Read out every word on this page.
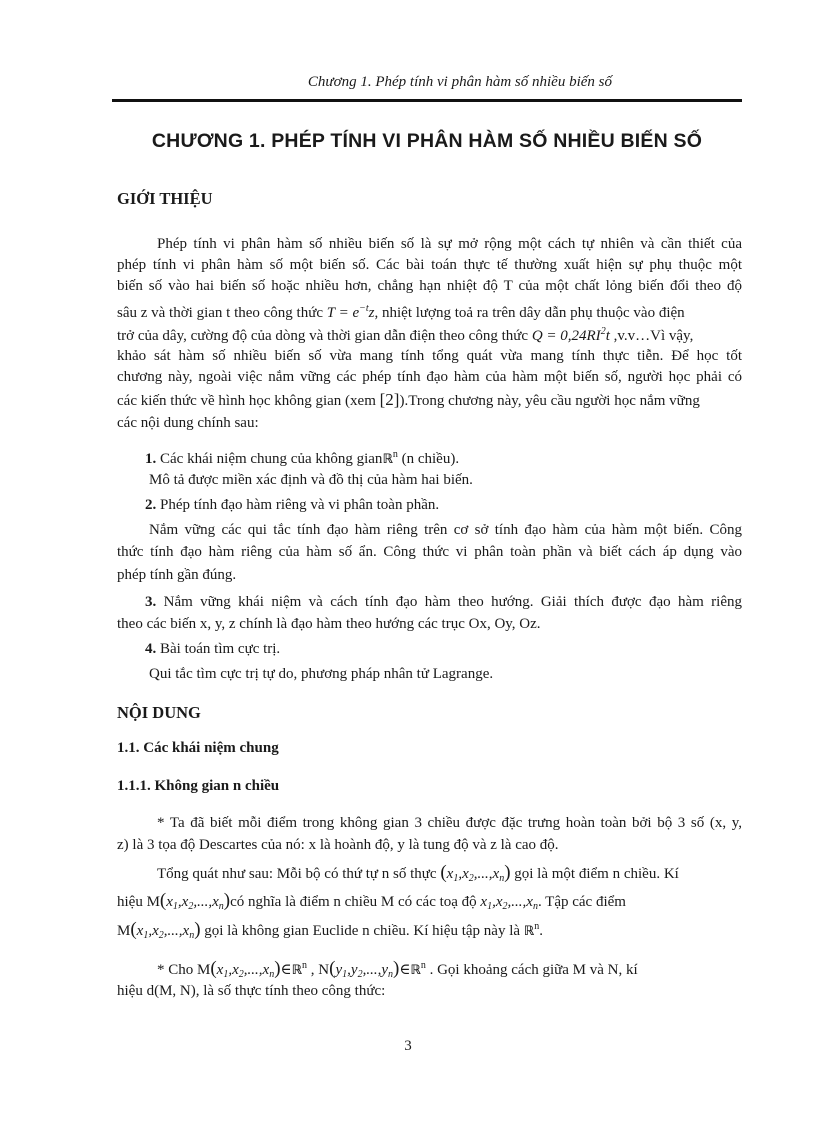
Chương 1. Phép tính vi phân hàm số nhiều biến số
CHƯƠNG 1. PHÉP TÍNH VI PHÂN HÀM SỐ NHIỀU BIẾN SỐ
GIỚI THIỆU
Phép tính vi phân hàm số nhiều biến số là sự mở rộng một cách tự nhiên và cần thiết của
phép tính vi phân hàm số một biến số. Các bài toán thực tế thường xuất hiện sự phụ thuộc một
biến số vào hai biến số hoặc nhiều hơn, chẳng hạn nhiệt độ T của một chất lỏng biến đổi theo độ
sâu z và thời gian t theo công thức $T = e^{-t}z$, nhiệt lượng toả ra trên dây dẫn phụ thuộc vào điện
trở của dây, cường độ của dòng và thời gian dẫn điện theo công thức $Q = 0,24RI^2t$ ,v.v…Vì vậy,
khảo sát hàm số nhiều biến số vừa mang tính tổng quát vừa mang tính thực tiễn. Để học tốt
chương này, ngoài việc nắm vững các phép tính đạo hàm của hàm một biến số, người học phải có
các kiến thức về hình học không gian (xem [2]).Trong chương này, yêu cầu người học nắm vững
các nội dung chính sau:
1. Các khái niệm chung của không gianℝ$^n$ (n chiều).
Mô tả được miền xác định và đồ thị của hàm hai biến.
2. Phép tính đạo hàm riêng và vi phân toàn phần.
Nắm vững các qui tắc tính đạo hàm riêng trên cơ sở tính đạo hàm của hàm một biến. Công
thức tính đạo hàm riêng của hàm số ẩn. Công thức vi phân toàn phần và biết cách áp dụng vào
phép tính gần đúng.
3. Nắm vững khái niệm và cách tính đạo hàm theo hướng. Giải thích được đạo hàm riêng
theo các biến x, y, z chính là đạo hàm theo hướng các trục Ox, Oy, Oz.
4. Bài toán tìm cực trị.
Qui tắc tìm cực trị tự do, phương pháp nhân tử Lagrange.
NỘI DUNG
1.1. Các khái niệm chung
1.1.1. Không gian n chiều
* Ta đã biết mỗi điểm trong không gian 3 chiều được đặc trưng hoàn toàn bởi bộ 3 số (x, y,
z) là 3 tọa độ Descartes của nó: x là hoành độ, y là tung độ và z là cao độ.
Tổng quát như sau: Mỗi bộ có thứ tự n số thực $(x_1,x_2,...,x_n)$ gọi là một điểm n chiều. Kí
hiệu $M(x_1,x_2,...,x_n)có$ nghĩa là điểm n chiều M có các toạ độ $x_1,x_2,...,x_n$. Tập các điểm
$M(x_1,x_2,...,x_n)$ gọi là không gian Euclide n chiều. Kí hiệu tập này là ℝ$^n$.
* Cho $M(x_1,x_2,...,x_n)\in ℝ^n$ , $N(y_1,y_2,...,y_n)\in ℝ^n$ . Gọi khoảng cách giữa M và N, kí
hiệu d(M, N), là số thực tính theo công thức:
3
